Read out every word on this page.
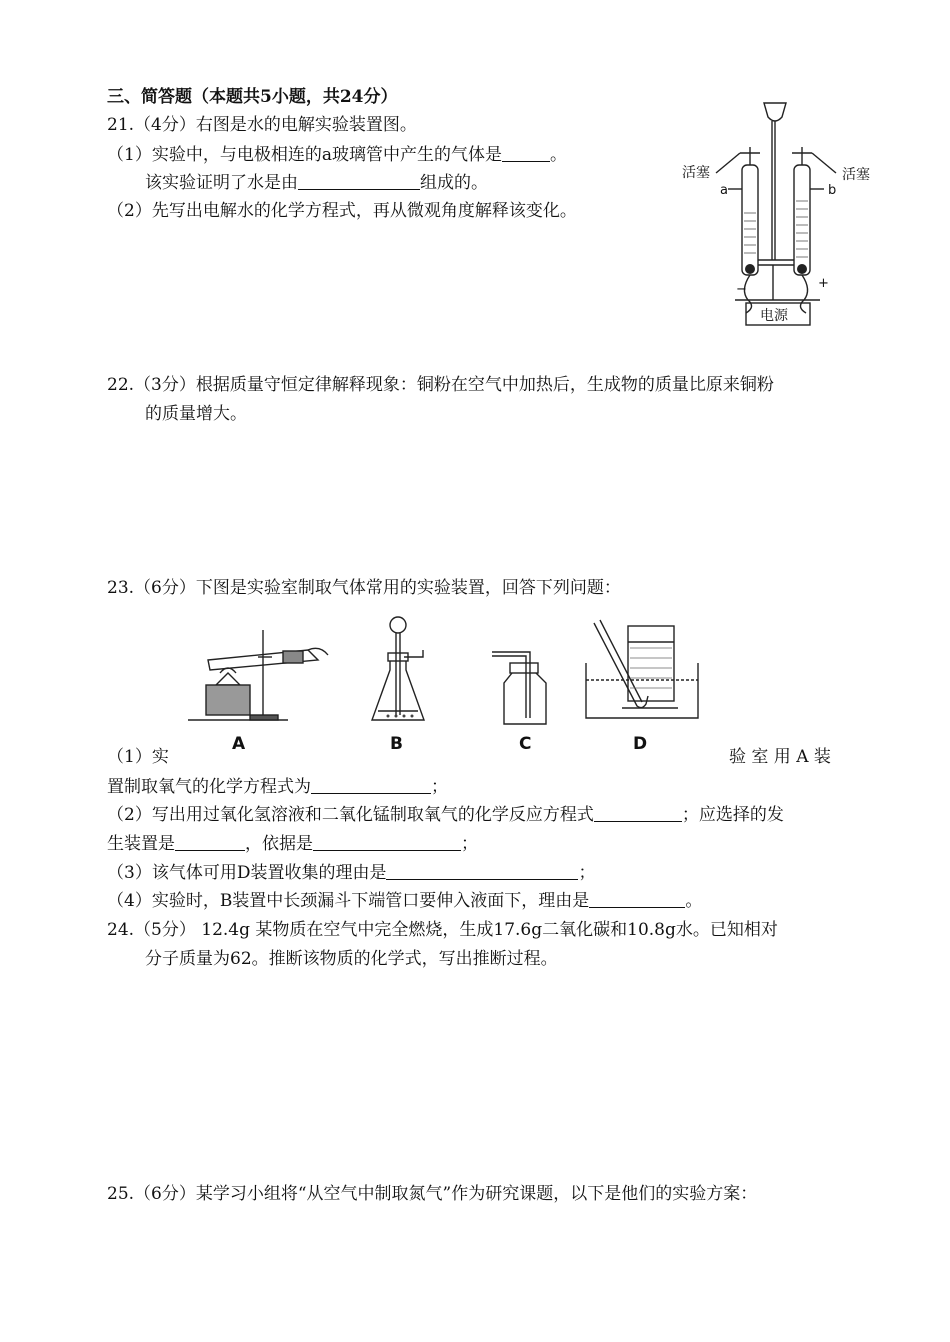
三、简答题（本题共5小题，共24分）
21.（4分）右图是水的电解实验装置图。
（1）实验中，与电极相连的a玻璃管中产生的气体是	。
该实验证明了水是由	组成的。
（2）先写出电解水的化学方程式，再从微观角度解释该变化。
活塞	活塞
a	b
−	+
电源
22.（3分）根据质量守恒定律解释现象：铜粉在空气中加热后，生成物的质量比原来铜粉
的质量增大。
23.（6分）下图是实验室制取气体常用的实验装置，回答下列问题：
A	B	C	D
（1）实	验 室 用 A 装
置制取氧气的化学方程式为	；
（2）写出用过氧化氢溶液和二氧化锰制取氧气的化学反应方程式	；应选择的发
生装置是	，依据是	；
（3）该气体可用D装置收集的理由是	；
（4）实验时，B装置中长颈漏斗下端管口要伸入液面下，理由是	。
24.（5分） 12.4g 某物质在空气中完全燃烧，生成17.6g二氧化碳和10.8g水。已知相对
分子质量为62。推断该物质的化学式，写出推断过程。
25.（6分）某学习小组将“从空气中制取氮气”作为研究课题，以下是他们的实验方案：
